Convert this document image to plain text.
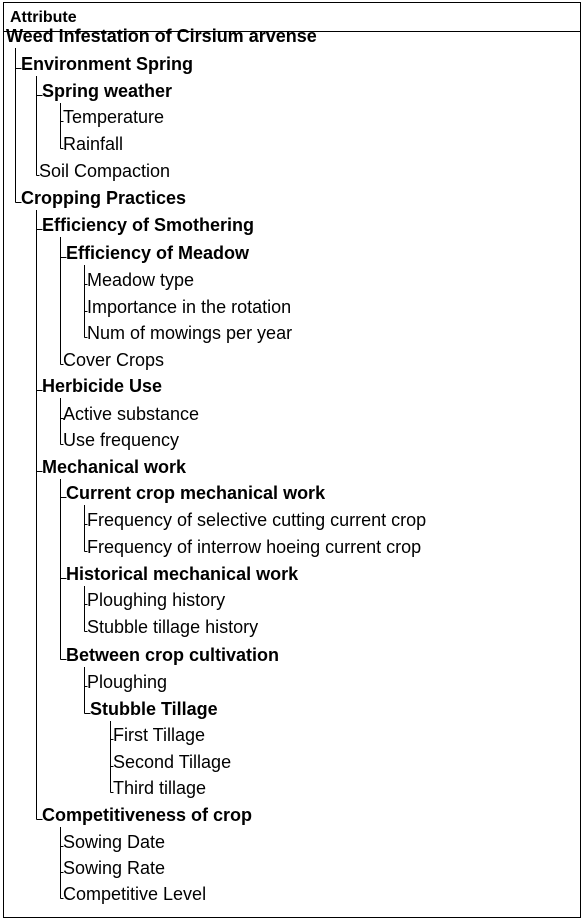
Attribute
Weed Infestation of Cirsium arvense
Environment Spring
Spring weather
Temperature
Rainfall
Soil Compaction
Cropping Practices
Efficiency of Smothering
Efficiency of Meadow
Meadow type
Importance in the rotation
Num of mowings per year
Cover Crops
Herbicide Use
Active substance
Use frequency
Mechanical work
Current crop mechanical work
Frequency of selective cutting current crop
Frequency of interrow hoeing current crop
Historical mechanical work
Ploughing history
Stubble tillage history
Between crop cultivation
Ploughing
Stubble Tillage
First Tillage
Second Tillage
Third tillage
Competitiveness of crop
Sowing Date
Sowing Rate
Competitive Level
